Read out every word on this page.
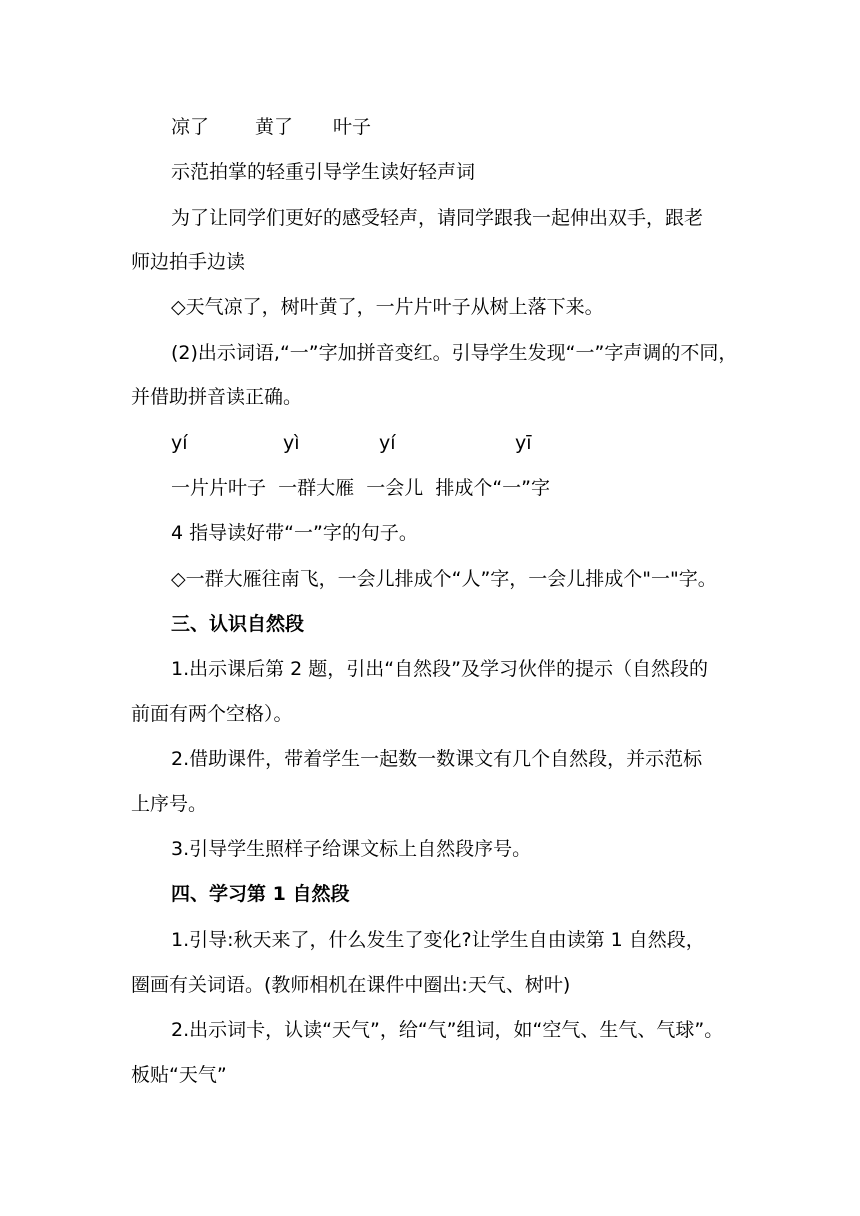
凉了 黄了 叶子
示范拍掌的轻重引导学生读好轻声词
为了让同学们更好的感受轻声，请同学跟我一起伸出双手，跟老
师边拍手边读
◇天气凉了，树叶黄了，一片片叶子从树上落下来。
(2)出示词语,“一”字加拼音变红。引导学生发现“一”字声调的不同，
并借助拼音读正确。
yí	yì	yí	yī
一片片叶子 一群大雁 一会儿 排成个“一”字
4 指导读好带“一”字的句子。
◇一群大雁往南飞，一会儿排成个“人”字，一会儿排成个"一"字。
三、认识自然段
1.出示课后第 2 题，引出“自然段”及学习伙伴的提示（自然段的
前面有两个空格）。
2.借助课件，带着学生一起数一数课文有几个自然段，并示范标
上序号。
3.引导学生照样子给课文标上自然段序号。
四、学习第 1 自然段
1.引导:秋天来了，什么发生了变化?让学生自由读第 1 自然段，
圈画有关词语。(教师相机在课件中圈出:天气、树叶)
2.出示词卡，认读“天气”，给“气”组词，如“空气、生气、气球”。
板贴“天气”
